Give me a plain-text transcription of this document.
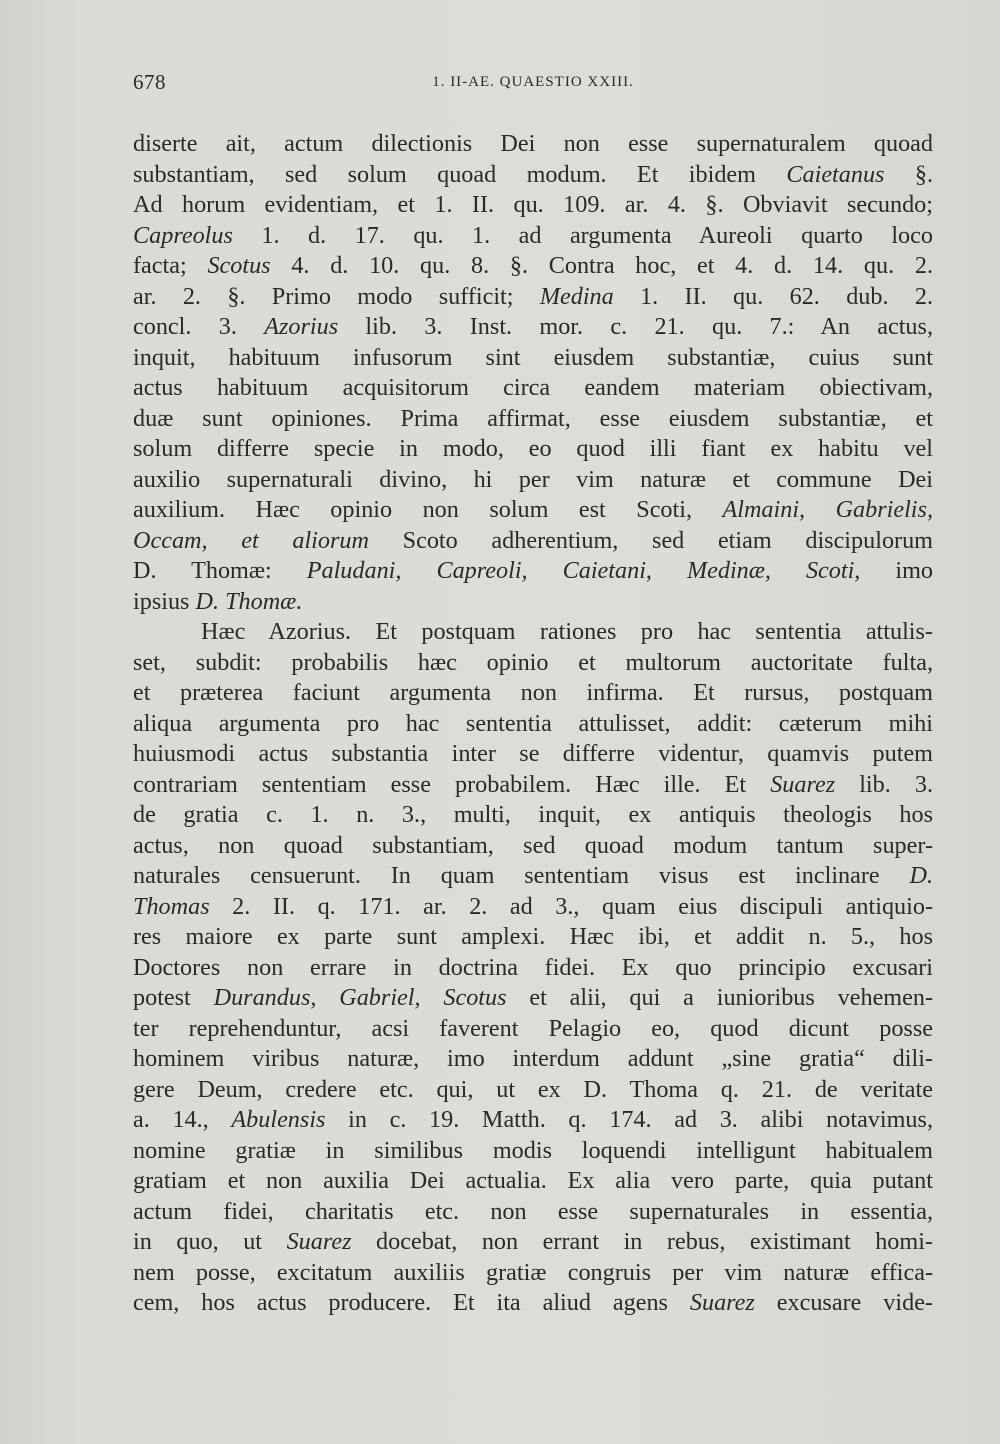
678	1. II-AE. QUAESTIO XXIII.
diserte ait, actum dilectionis Dei non esse supernaturalem quoad
substantiam, sed solum quoad modum. Et ibidem Caietanus §.
Ad horum evidentiam, et 1. II. qu. 109. ar. 4. §. Obviavit secundo;
Capreolus 1. d. 17. qu. 1. ad argumenta Aureoli quarto loco
facta; Scotus 4. d. 10. qu. 8. §. Contra hoc, et 4. d. 14. qu. 2.
ar. 2. §. Primo modo sufficit; Medina 1. II. qu. 62. dub. 2.
concl. 3. Azorius lib. 3. Inst. mor. c. 21. qu. 7.: An actus,
inquit, habituum infusorum sint eiusdem substantiæ, cuius sunt
actus habituum acquisitorum circa eandem materiam obiectivam,
duæ sunt opiniones. Prima affirmat, esse eiusdem substantiæ, et
solum differre specie in modo, eo quod illi fiant ex habitu vel
auxilio supernaturali divino, hi per vim naturæ et commune Dei
auxilium. Hæc opinio non solum est Scoti, Almaini, Gabrielis,
Occam, et aliorum Scoto adherentium, sed etiam discipulorum
D. Thomæ: Paludani, Capreoli, Caietani, Medinæ, Scoti, imo
ipsius D. Thomæ.
Hæc Azorius. Et postquam rationes pro hac sententia attulis-
set, subdit: probabilis hæc opinio et multorum auctoritate fulta,
et præterea faciunt argumenta non infirma. Et rursus, postquam
aliqua argumenta pro hac sententia attulisset, addit: cæterum mihi
huiusmodi actus substantia inter se differre videntur, quamvis putem
contrariam sententiam esse probabilem. Hæc ille. Et Suarez lib. 3.
de gratia c. 1. n. 3., multi, inquit, ex antiquis theologis hos
actus, non quoad substantiam, sed quoad modum tantum super-
naturales censuerunt. In quam sententiam visus est inclinare D.
Thomas 2. II. q. 171. ar. 2. ad 3., quam eius discipuli antiquio-
res maiore ex parte sunt amplexi. Hæc ibi, et addit n. 5., hos
Doctores non errare in doctrina fidei. Ex quo principio excusari
potest Durandus, Gabriel, Scotus et alii, qui a iunioribus vehemen-
ter reprehenduntur, acsi faverent Pelagio eo, quod dicunt posse
hominem viribus naturæ, imo interdum addunt „sine gratia“ dili-
gere Deum, credere etc. qui, ut ex D. Thoma q. 21. de veritate
a. 14., Abulensis in c. 19. Matth. q. 174. ad 3. alibi notavimus,
nomine gratiæ in similibus modis loquendi intelligunt habitualem
gratiam et non auxilia Dei actualia. Ex alia vero parte, quia putant
actum fidei, charitatis etc. non esse supernaturales in essentia,
in quo, ut Suarez docebat, non errant in rebus, existimant homi-
nem posse, excitatum auxiliis gratiæ congruis per vim naturæ effica-
cem, hos actus producere. Et ita aliud agens Suarez excusare vide-
